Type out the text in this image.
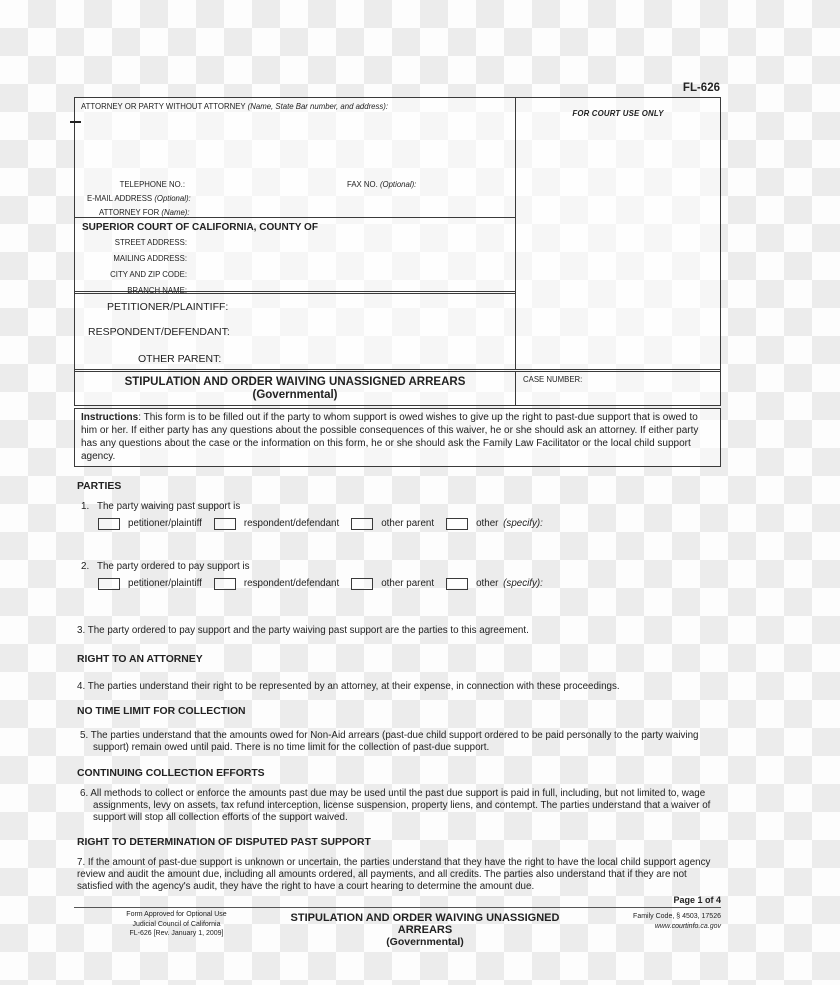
FL-626
ATTORNEY OR PARTY WITHOUT ATTORNEY (Name, State Bar number, and address):
TELEPHONE NO.:	FAX NO. (Optional):
E-MAIL ADDRESS (Optional):
ATTORNEY FOR (Name):
SUPERIOR COURT OF CALIFORNIA, COUNTY OF
STREET ADDRESS:
MAILING ADDRESS:
CITY AND ZIP CODE:
BRANCH NAME:
PETITIONER/PLAINTIFF:
RESPONDENT/DEFENDANT:
OTHER PARENT:
FOR COURT USE ONLY
STIPULATION AND ORDER WAIVING UNASSIGNED ARREARS
(Governmental)
CASE NUMBER:
Instructions: This form is to be filled out if the party to whom support is owed wishes to give up the right to past-due support that is owed to him or her. If either party has any questions about the possible consequences of this waiver, he or she should ask an attorney. If either party has any questions about the case or the information on this form, he or she should ask the Family Law Facilitator or the local child support agency.
PARTIES
1. The party waiving past support is
petitioner/plaintiff	respondent/defendant	other parent	other (specify):
2. The party ordered to pay support is
petitioner/plaintiff	respondent/defendant	other parent	other (specify):
3. The party ordered to pay support and the party waiving past support are the parties to this agreement.
RIGHT TO AN ATTORNEY
4. The parties understand their right to be represented by an attorney, at their expense, in connection with these proceedings.
NO TIME LIMIT FOR COLLECTION
5. The parties understand that the amounts owed for Non-Aid arrears (past-due child support ordered to be paid personally to the party waiving support) remain owed until paid. There is no time limit for the collection of past-due support.
CONTINUING COLLECTION EFFORTS
6. All methods to collect or enforce the amounts past due may be used until the past due support is paid in full, including, but not limited to, wage assignments, levy on assets, tax refund interception, license suspension, property liens, and contempt. The parties understand that a waiver of support will stop all collection efforts of the support waived.
RIGHT TO DETERMINATION OF DISPUTED PAST SUPPORT
7. If the amount of past-due support is unknown or uncertain, the parties understand that they have the right to have the local child support agency review and audit the amount due, including all amounts ordered, all payments, and all credits. The parties also understand that if they are not satisfied with the agency's audit, they have the right to have a court hearing to determine the amount due.
Page 1 of 4
Form Approved for Optional Use
Judicial Council of California
FL-626 [Rev. January 1, 2009]
STIPULATION AND ORDER WAIVING UNASSIGNED ARREARS
(Governmental)
Family Code, § 4503, 17526
www.courtinfo.ca.gov
